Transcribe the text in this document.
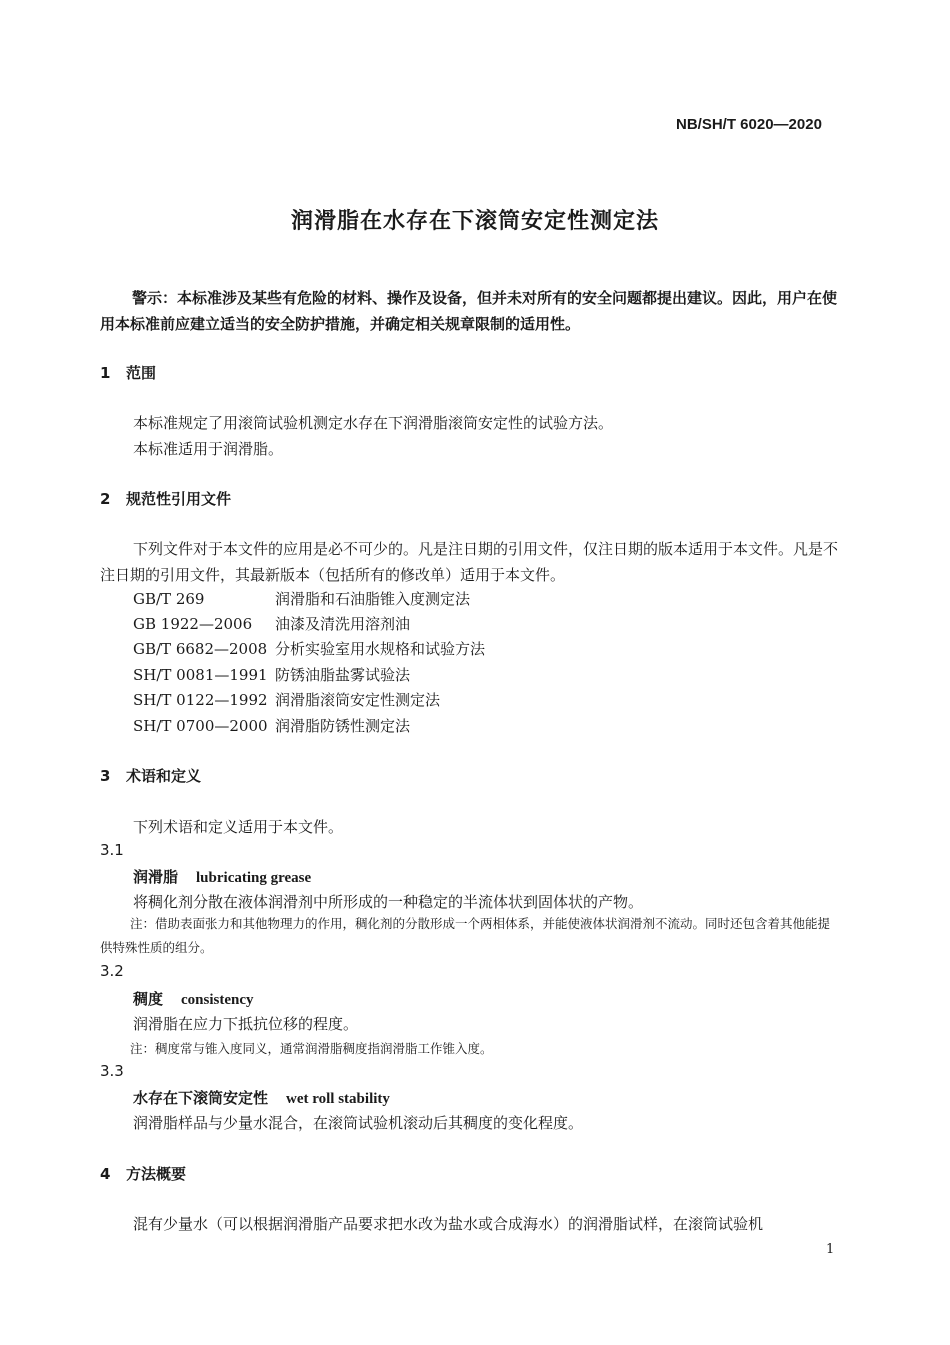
NB/SH/T 6020—2020
润滑脂在水存在下滚筒安定性测定法
警示：本标准涉及某些有危险的材料、操作及设备，但并未对所有的安全问题都提出建议。因此，用户在使用本标准前应建立适当的安全防护措施，并确定相关规章限制的适用性。
1 范围
本标准规定了用滚筒试验机测定水存在下润滑脂滚筒安定性的试验方法。
本标准适用于润滑脂。
2 规范性引用文件
下列文件对于本文件的应用是必不可少的。凡是注日期的引用文件，仅注日期的版本适用于本文件。凡是不注日期的引用文件，其最新版本（包括所有的修改单）适用于本文件。
GB/T 269	润滑脂和石油脂锥入度测定法
GB 1922—2006 油漆及清洗用溶剂油
GB/T 6682—2008 分析实验室用水规格和试验方法
SH/T 0081—1991 防锈油脂盐雾试验法
SH/T 0122—1992 润滑脂滚筒安定性测定法
SH/T 0700—2000 润滑脂防锈性测定法
3 术语和定义
下列术语和定义适用于本文件。
3.1
润滑脂 lubricating grease
将稠化剂分散在液体润滑剂中所形成的一种稳定的半流体状到固体状的产物。
注：借助表面张力和其他物理力的作用，稠化剂的分散形成一个两相体系，并能使液体状润滑剂不流动。同时还包含着其他能提供特殊性质的组分。
3.2
稠度 consistency
润滑脂在应力下抵抗位移的程度。
注：稠度常与锥入度同义，通常润滑脂稠度指润滑脂工作锥入度。
3.3
水存在下滚筒安定性 wet roll stability
润滑脂样品与少量水混合，在滚筒试验机滚动后其稠度的变化程度。
4 方法概要
混有少量水（可以根据润滑脂产品要求把水改为盐水或合成海水）的润滑脂试样，在滚筒试验机
1
